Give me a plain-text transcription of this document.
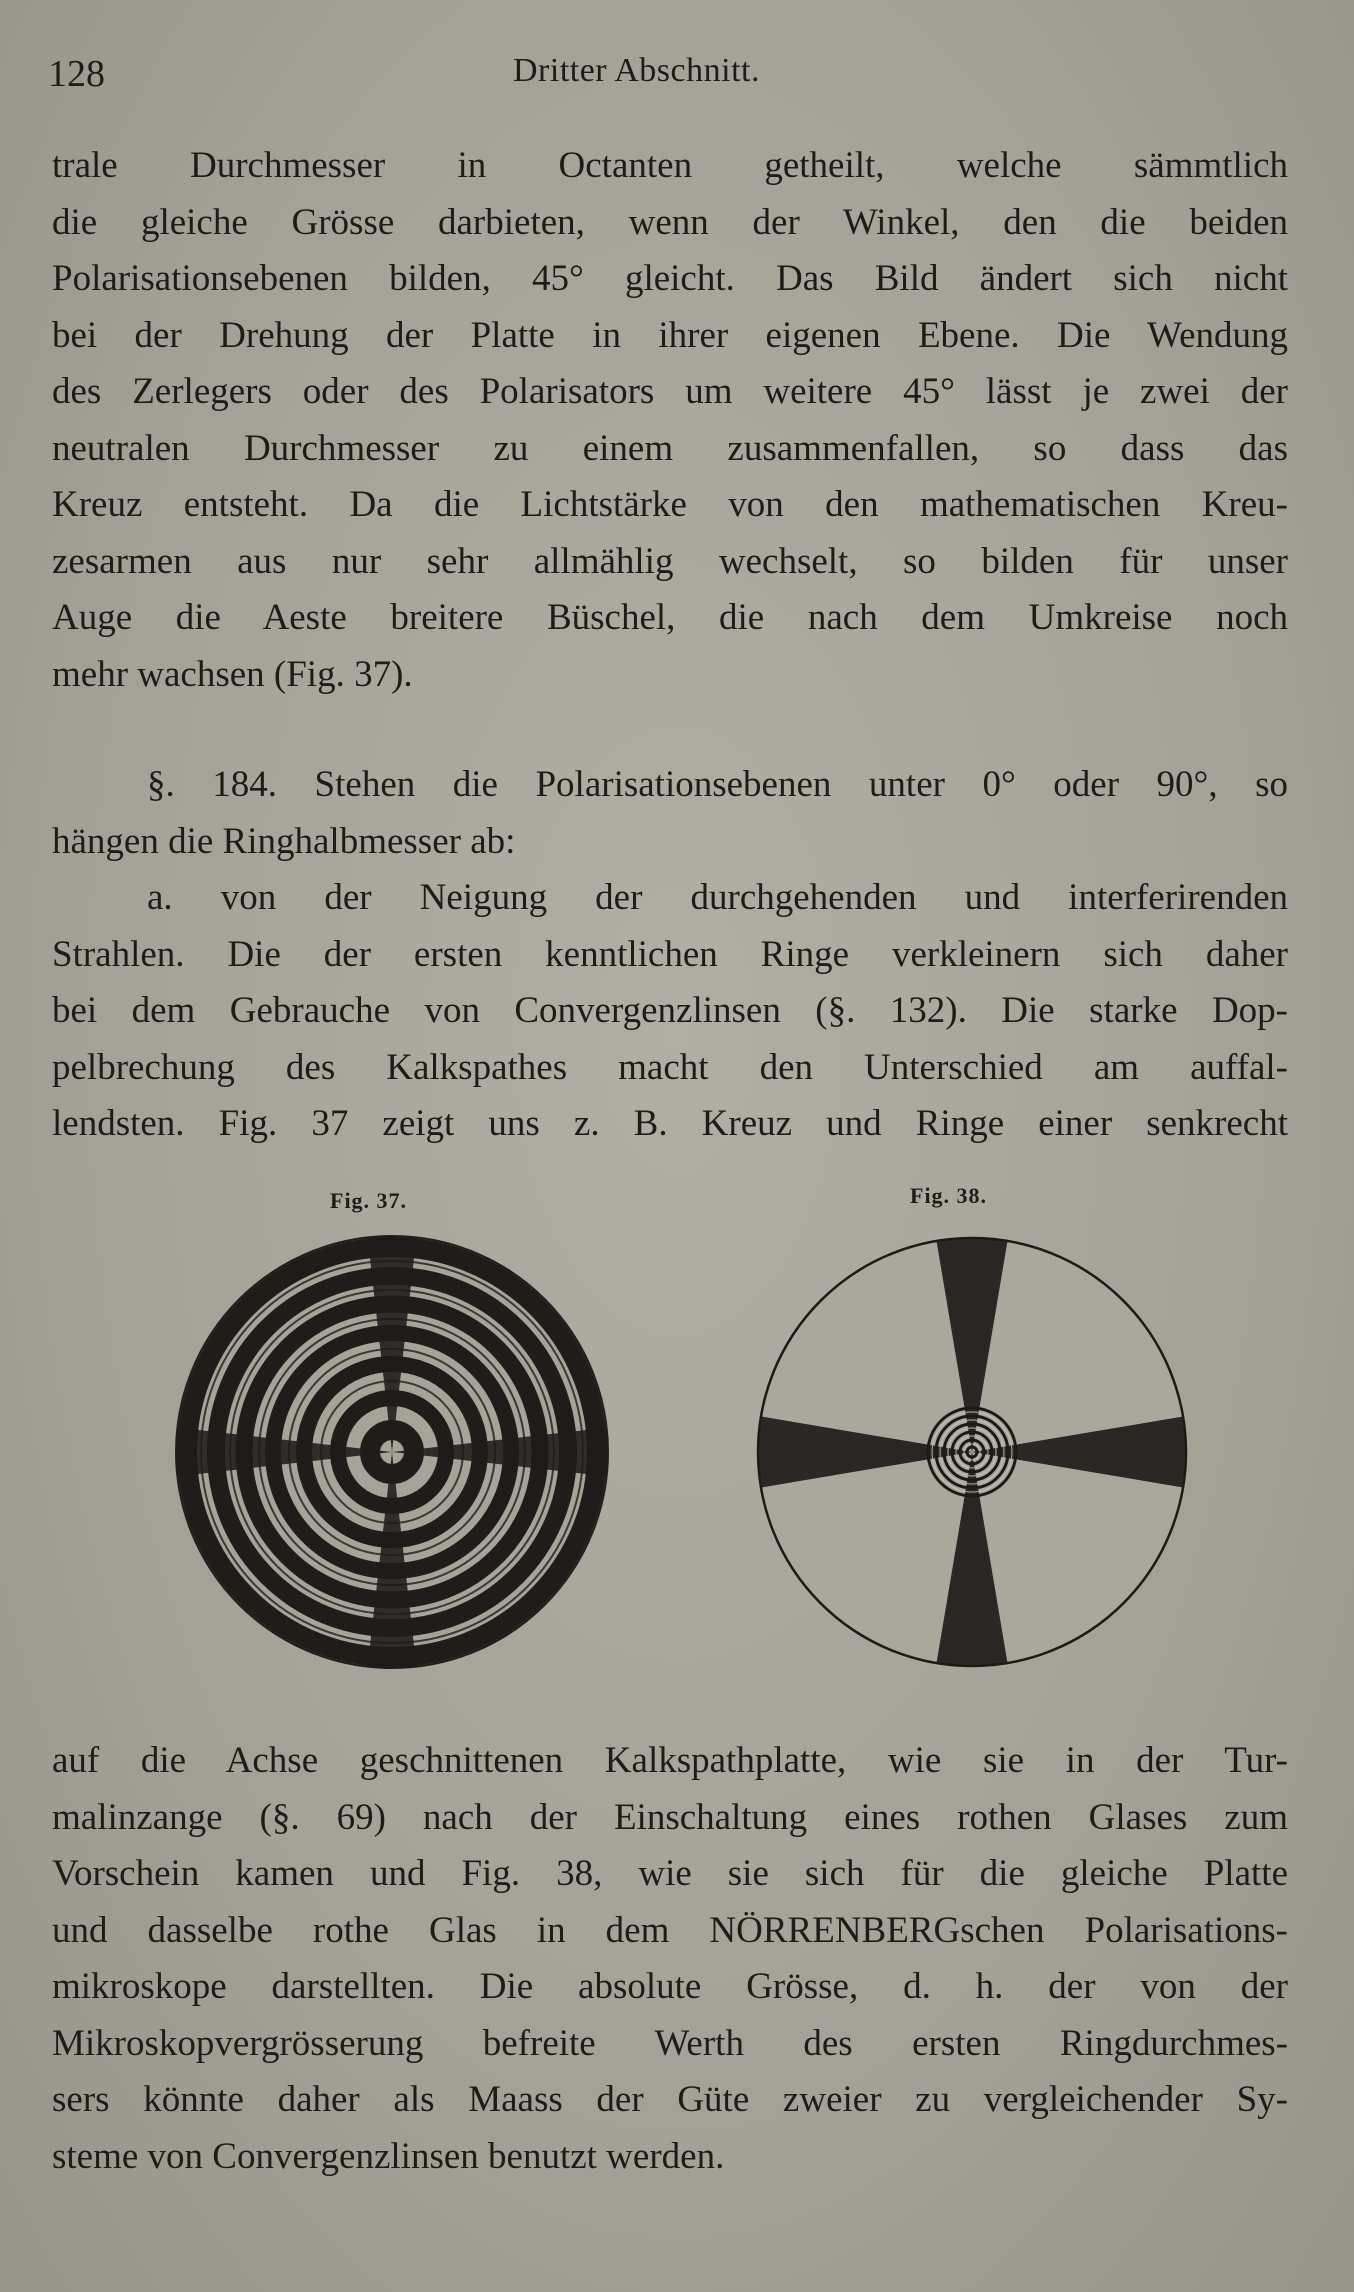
128	Dritter Abschnitt.
trale Durchmesser in Octanten getheilt, welche sämmtlich
die gleiche Grösse darbieten, wenn der Winkel, den die beiden
Polarisationsebenen bilden, 45° gleicht. Das Bild ändert sich nicht
bei der Drehung der Platte in ihrer eigenen Ebene. Die Wendung
des Zerlegers oder des Polarisators um weitere 45° lässt je zwei der
neutralen Durchmesser zu einem zusammenfallen, so dass das
Kreuz entsteht. Da die Lichtstärke von den mathematischen Kreu-
zesarmen aus nur sehr allmählig wechselt, so bilden für unser
Auge die Aeste breitere Büschel, die nach dem Umkreise noch
mehr wachsen (Fig. 37).
§. 184. Stehen die Polarisationsebenen unter 0° oder 90°, so
hängen die Ringhalbmesser ab:
a. von der Neigung der durchgehenden und interferirenden
Strahlen. Die der ersten kenntlichen Ringe verkleinern sich daher
bei dem Gebrauche von Convergenzlinsen (§. 132). Die starke Dop-
pelbrechung des Kalkspathes macht den Unterschied am auffal-
lendsten. Fig. 37 zeigt uns z. B. Kreuz und Ringe einer senkrecht
Fig. 37.	Fig. 38.
auf die Achse geschnittenen Kalkspathplatte, wie sie in der Tur-
malinzange (§. 69) nach der Einschaltung eines rothen Glases zum
Vorschein kamen und Fig. 38, wie sie sich für die gleiche Platte
und dasselbe rothe Glas in dem NÖRRENBERGschen Polarisations-
mikroskope darstellten. Die absolute Grösse, d. h. der von der
Mikroskopvergrösserung befreite Werth des ersten Ringdurchmes-
sers könnte daher als Maass der Güte zweier zu vergleichender Sy-
steme von Convergenzlinsen benutzt werden.
